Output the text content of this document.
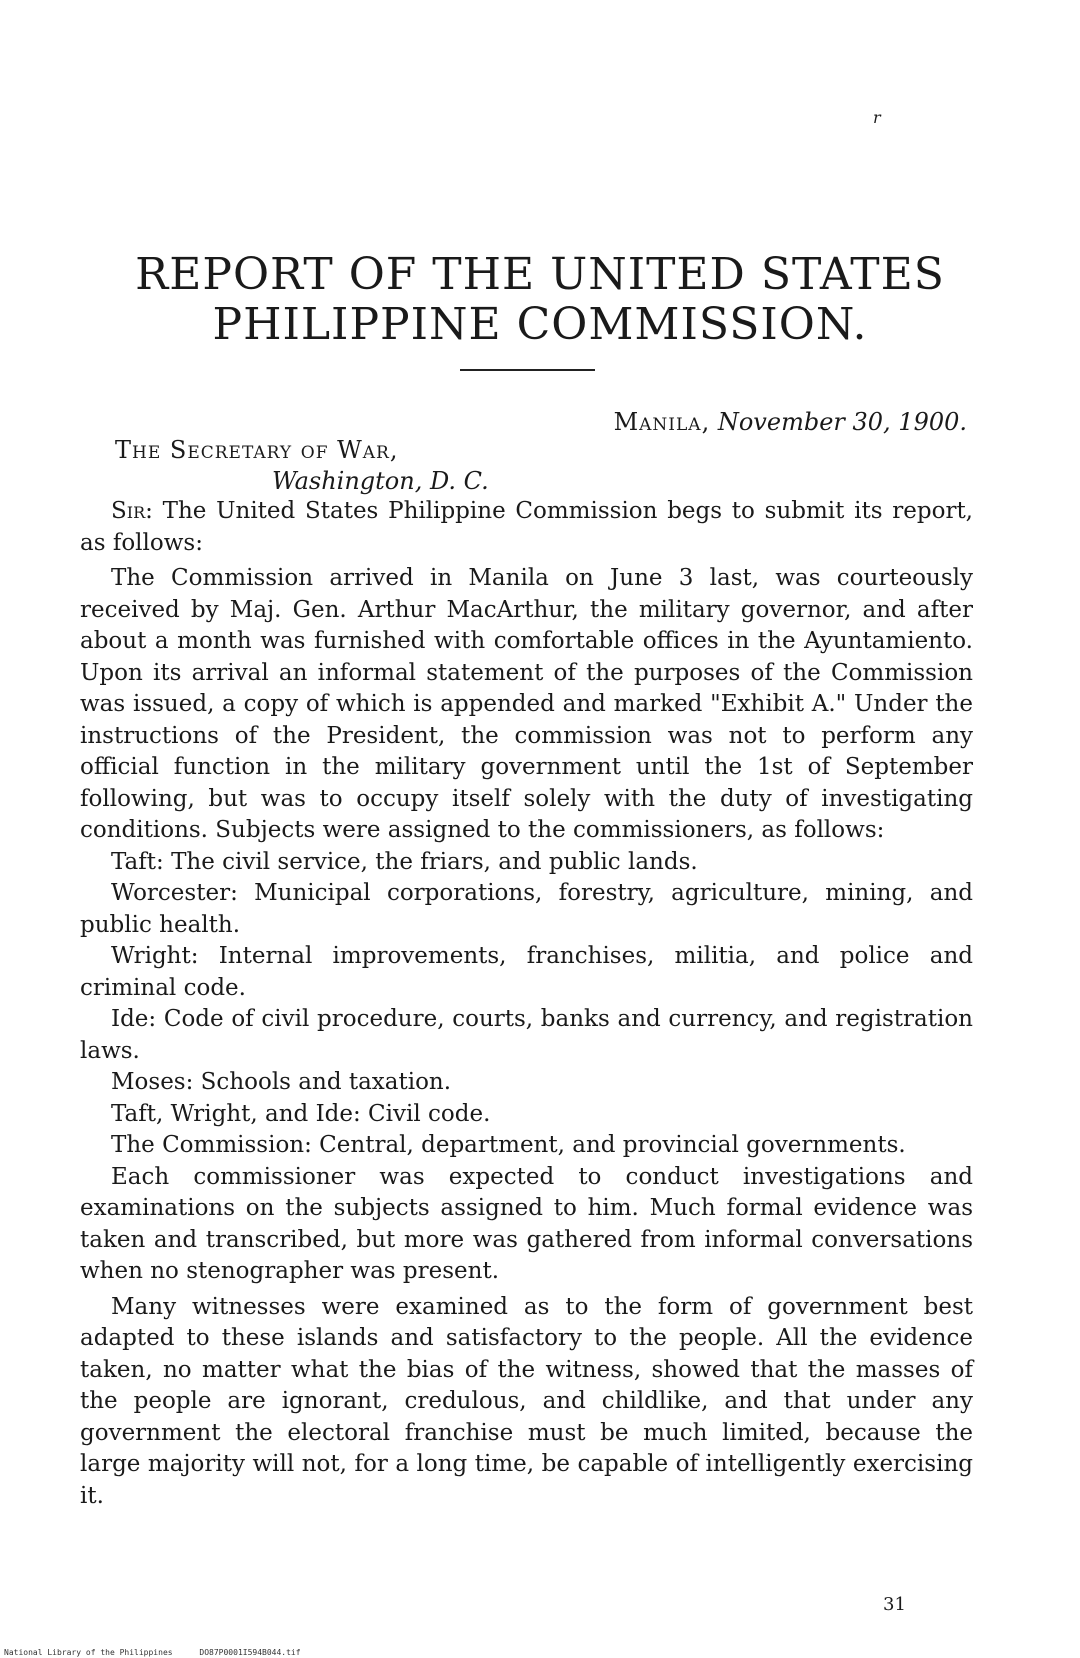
r
REPORT OF THE UNITED STATES
PHILIPPINE COMMISSION.
Manila, November 30, 1900.
The Secretary of War,
Washington, D. C.

Sir: The United States Philippine Commission begs to submit its report, as follows:

The Commission arrived in Manila on June 3 last, was courteously received by Maj. Gen. Arthur MacArthur, the military governor, and after about a month was furnished with comfortable offices in the Ayuntamiento. Upon its arrival an informal statement of the purposes of the Commission was issued, a copy of which is appended and marked "Exhibit A." Under the instructions of the President, the commission was not to perform any official function in the military government until the 1st of September following, but was to occupy itself solely with the duty of investigating conditions. Subjects were assigned to the commissioners, as follows:

Taft: The civil service, the friars, and public lands.

Worcester: Municipal corporations, forestry, agriculture, mining, and public health.

Wright: Internal improvements, franchises, militia, and police and criminal code.

Ide: Code of civil procedure, courts, banks and currency, and registration laws.

Moses: Schools and taxation.

Taft, Wright, and Ide: Civil code.

The Commission: Central, department, and provincial governments.

Each commissioner was expected to conduct investigations and examinations on the subjects assigned to him. Much formal evidence was taken and transcribed, but more was gathered from informal conversations when no stenographer was present.

Many witnesses were examined as to the form of government best adapted to these islands and satisfactory to the people. All the evidence taken, no matter what the bias of the witness, showed that the masses of the people are ignorant, credulous, and childlike, and that under any government the electoral franchise must be much limited, because the large majority will not, for a long time, be capable of intelligently exercising it.

31
National Library of the Philippines	DO87P0001I594B044.tif
